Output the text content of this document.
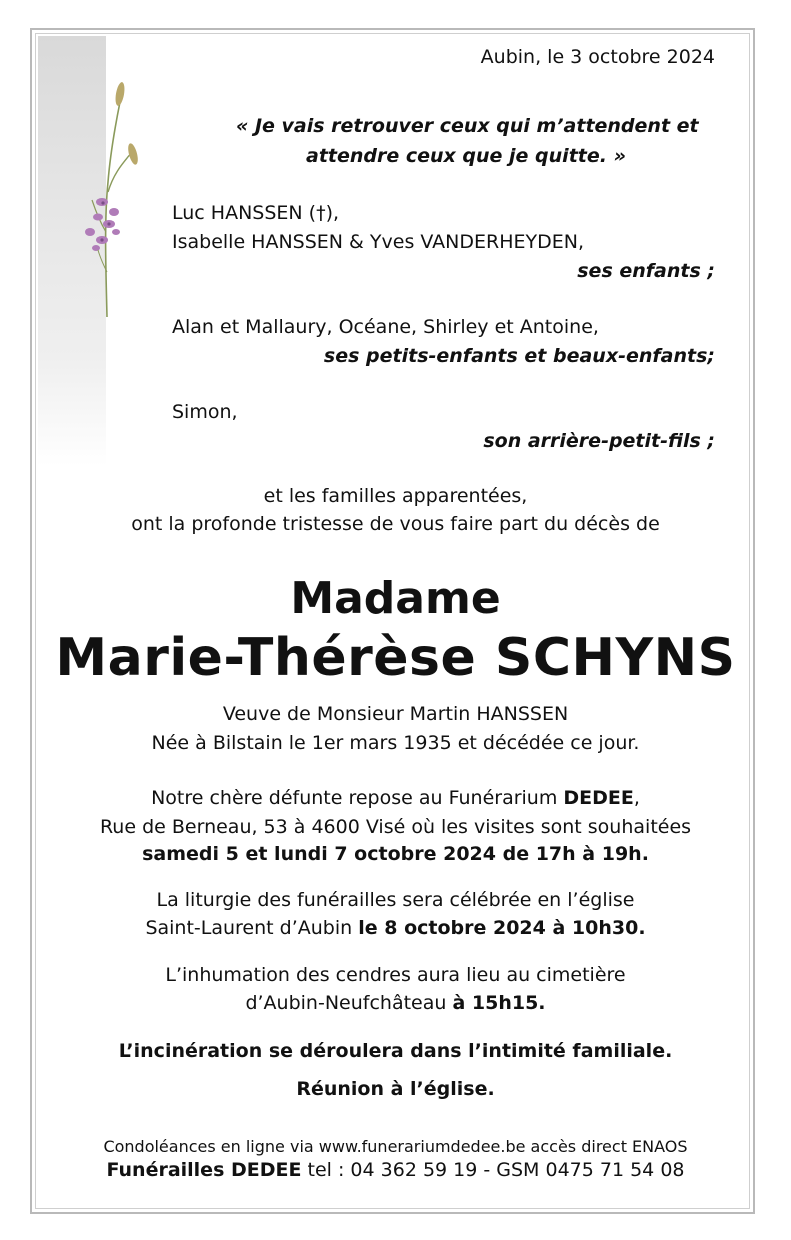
Aubin, le 3 octobre 2024
« Je vais retrouver ceux qui m’attendent et
attendre ceux que je quitte. »
Luc HANSSEN (†),
Isabelle HANSSEN & Yves VANDERHEYDEN,
ses enfants ;
Alan et Mallaury, Océane, Shirley et Antoine,
ses petits-enfants et beaux-enfants;
Simon,
son arrière-petit-fils ;
et les familles apparentées,
ont la profonde tristesse de vous faire part du décès de
Madame
Marie-Thérèse SCHYNS
Veuve de Monsieur Martin HANSSEN
Née à Bilstain le 1er mars 1935 et décédée ce jour.
Notre chère défunte repose au Funérarium DEDEE,
Rue de Berneau, 53 à 4600 Visé où les visites sont souhaitées
samedi 5 et lundi 7 octobre 2024 de 17h à 19h.
La liturgie des funérailles sera célébrée en l’église
Saint-Laurent d’Aubin le 8 octobre 2024 à 10h30.
L’inhumation des cendres aura lieu au cimetière
d’Aubin-Neufchâteau à 15h15.
L’incinération se déroulera dans l’intimité familiale.
Réunion à l’église.
Condoléances en ligne via www.funerariumdedee.be accès direct ENAOS
Funérailles DEDEE tel : 04 362 59 19 - GSM 0475 71 54 08
